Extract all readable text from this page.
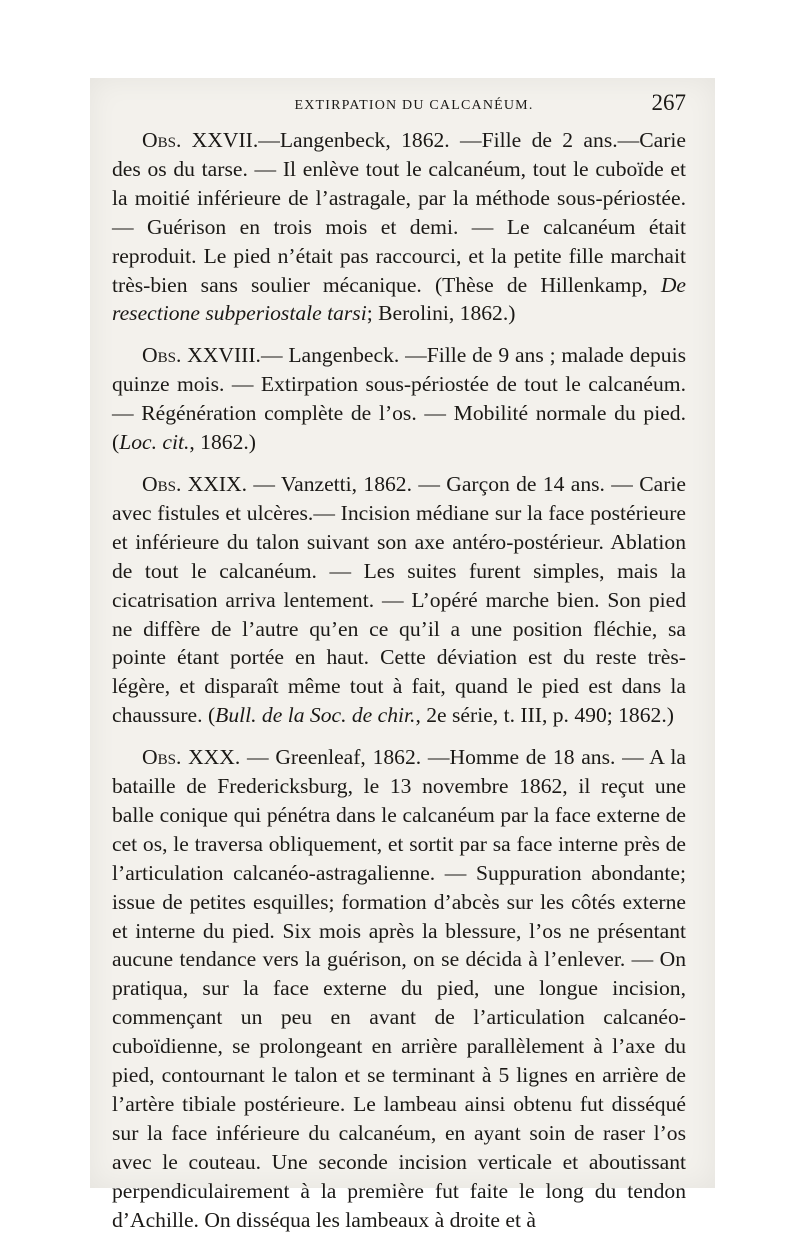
EXTIRPATION DU CALCANÉUM.	267

Obs. XXVII.—Langenbeck, 1862. —Fille de 2 ans.—Carie des os du tarse. — Il enlève tout le calcanéum, tout le cuboïde et la moitié inférieure de l’astragale, par la méthode sous-périostée.— Guérison en trois mois et demi. — Le calcanéum était reproduit. Le pied n’était pas raccourci, et la petite fille marchait très-bien sans soulier mécanique. (Thèse de Hillenkamp, De resectione subperiostale tarsi; Berolini, 1862.)

Obs. XXVIII.— Langenbeck. —Fille de 9 ans ; malade depuis quinze mois. — Extirpation sous-périostée de tout le calcanéum. — Régénération complète de l’os. — Mobilité normale du pied. (Loc. cit., 1862.)

Obs. XXIX. — Vanzetti, 1862. — Garçon de 14 ans. — Carie avec fistules et ulcères.— Incision médiane sur la face postérieure et inférieure du talon suivant son axe antéro-postérieur. Ablation de tout le calcanéum. — Les suites furent simples, mais la cicatrisation arriva lentement. — L’opéré marche bien. Son pied ne diffère de l’autre qu’en ce qu’il a une position fléchie, sa pointe étant portée en haut. Cette déviation est du reste très-légère, et disparaît même tout à fait, quand le pied est dans la chaussure. (Bull. de la Soc. de chir., 2e série, t. III, p. 490; 1862.)

Obs. XXX. — Greenleaf, 1862. —Homme de 18 ans. — A la bataille de Fredericksburg, le 13 novembre 1862, il reçut une balle conique qui pénétra dans le calcanéum par la face externe de cet os, le traversa obliquement, et sortit par sa face interne près de l’articulation calcanéo-astragalienne. — Suppuration abondante; issue de petites esquilles; formation d’abcès sur les côtés externe et interne du pied. Six mois après la blessure, l’os ne présentant aucune tendance vers la guérison, on se décida à l’enlever. — On pratiqua, sur la face externe du pied, une longue incision, commençant un peu en avant de l’articulation calcanéo-cuboïdienne, se prolongeant en arrière parallèlement à l’axe du pied, contournant le talon et se terminant à 5 lignes en arrière de l’artère tibiale postérieure. Le lambeau ainsi obtenu fut disséqué sur la face inférieure du calcanéum, en ayant soin de raser l’os avec le couteau. Une seconde incision verticale et aboutissant perpendiculairement à la première fut faite le long du tendon d’Achille. On disséqua les lambeaux à droite et à
